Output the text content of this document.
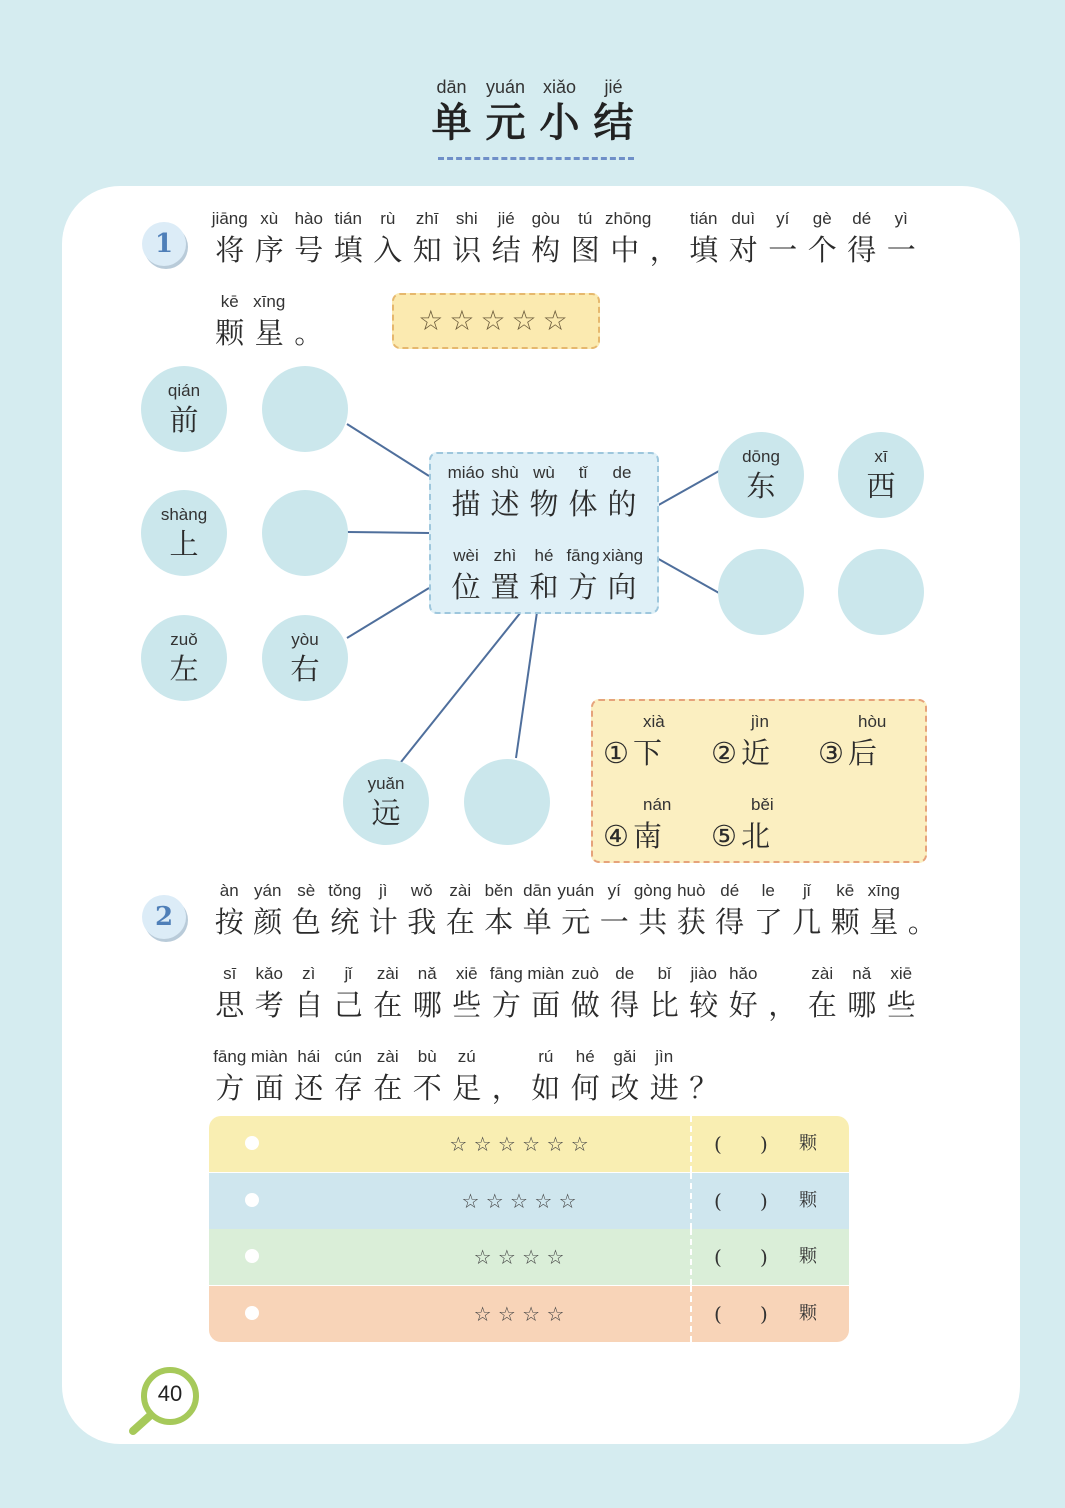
dān
单
yuán
元
xiǎo
小
jié
结
1
jiāng
将
xù
序
hào
号
tián
填
rù
入
zhī
知
shi
识
jié
结
gòu
构
tú
图
zhōng
中 ，
tián
填
duì
对
yí
一
gè
个
dé
得
yì
一
kē
颗
xīng
星 。	☆☆☆☆☆
qián
前
shàng
上
zuǒ
左
yòu
右
dōng
东
xī
西
yuǎn
远
miáo
描
shù
述
wù
物
tǐ
体
de
的
wèi
位
zhì
置
hé
和
fāng
方
xiàng
向
xià
① 下
jìn
② 近
hòu
③ 后
nán
④ 南
běi
⑤ 北
2
àn
按
yán
颜
sè
色
tǒng
统
jì
计
wǒ
我
zài
在
běn
本
dān
单
yuán
元
yí
一
gòng
共
huò
获
dé
得
le
了
jǐ
几
kē
颗
xīng
星 。
sī
思
kǎo
考
zì
自
jǐ
己
zài
在
nǎ
哪
xiē
些
fāng
方
miàn
面
zuò
做
de
得
bǐ
比
jiào
较
hǎo
好 ，
zài
在
nǎ
哪
xiē
些
fāng
方
miàn
面
hái
还
cún
存
zài
在
bù
不
zú
足 ，
rú
如
hé
何
gǎi
改
jìn
进 ？
☆ ☆ ☆ ☆ ☆ ☆	(      ) 颗
☆ ☆ ☆ ☆ ☆	(      ) 颗
☆ ☆ ☆ ☆	(      ) 颗
☆ ☆ ☆ ☆	(      ) 颗
40
